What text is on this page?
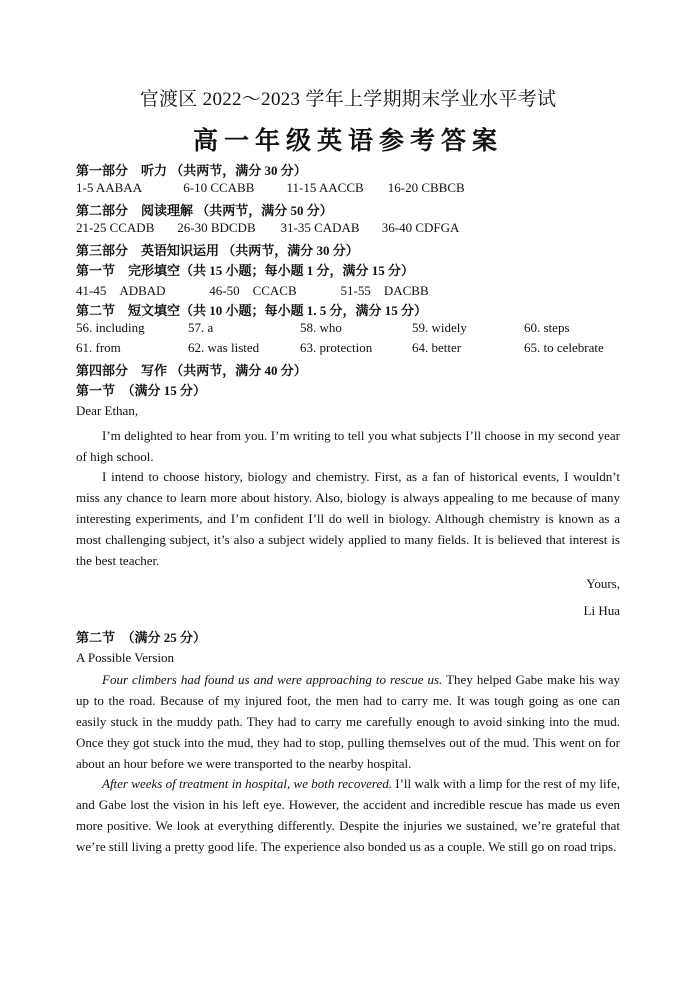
官渡区 2022～2023 学年上学期期末学业水平考试
高一年级英语参考答案
第一部分　听力 （共两节，满分 30 分）
1-5 AABAA	6-10 CCABB 11-15 AACCB 16-20 CBBCB
第二部分　阅读理解 （共两节，满分 50 分）
21-25 CCADB 26-30 BDCDB 31-35 CADAB 36-40 CDFGA
第三部分　英语知识运用 （共两节，满分 30 分）
第一节　完形填空（共 15 小题；每小题 1 分，满分 15 分）
41-45　ADBAD	46-50　CCACB	51-55　DACBB
第二节　短文填空（共 10 小题；每小题 1. 5 分，满分 15 分）
56. including	57. a	58. who	59. widely	60. steps
61. from	62. was listed	63. protection	64. better	65. to celebrate
第四部分　写作 （共两节，满分 40 分）
第一节　（满分 15 分）
Dear Ethan,

I’m delighted to hear from you. I’m writing to tell you what subjects I’ll choose in my second year of high school.

I intend to choose history, biology and chemistry. First, as a fan of historical events, I wouldn’t miss any chance to learn more about history. Also, biology is always appealing to me because of many interesting experiments, and I’m confident I’ll do well in biology. Although chemistry is known as a most challenging subject, it’s also a subject widely applied to many fields. It is believed that interest is the best teacher.

Yours,
Li Hua
第二节　（满分 25 分）
A Possible Version

Four climbers had found us and were approaching to rescue us. They helped Gabe make his way up to the road. Because of my injured foot, the men had to carry me. It was tough going as one can easily stuck in the muddy path. They had to carry me carefully enough to avoid sinking into the mud. Once they got stuck into the mud, they had to stop, pulling themselves out of the mud. This went on for about an hour before we were transported to the nearby hospital.

After weeks of treatment in hospital, we both recovered. I’ll walk with a limp for the rest of my life, and Gabe lost the vision in his left eye. However, the accident and incredible rescue has made us even more positive. We look at everything differently. Despite the injuries we sustained, we’re grateful that we’re still living a pretty good life. The experience also bonded us as a couple. We still go on road trips.
